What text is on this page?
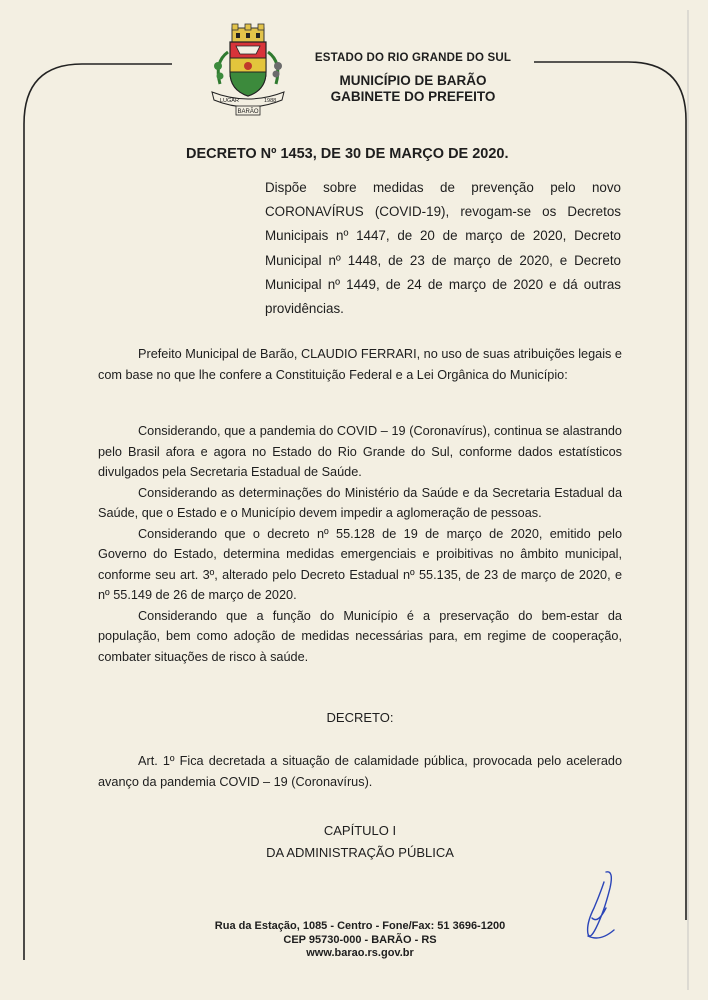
LUGAR	1988
BARÃO
ESTADO DO RIO GRANDE DO SUL
MUNICÍPIO DE BARÃO
GABINETE DO PREFEITO
DECRETO Nº 1453, DE 30 DE MARÇO DE 2020.

Dispõe sobre medidas de prevenção pelo novo CORONAVÍRUS (COVID-19), revogam-se os Decretos Municipais nº 1447, de 20 de março de 2020, Decreto Municipal nº 1448, de 23 de março de 2020, e Decreto Municipal nº 1449, de 24 de março de 2020 e dá outras providências.

Prefeito Municipal de Barão, CLAUDIO FERRARI, no uso de suas atribuições legais e com base no que lhe confere a Constituição Federal e a Lei Orgânica do Município:

Considerando, que a pandemia do COVID – 19 (Coronavírus), continua se alastrando pelo Brasil afora e agora no Estado do Rio Grande do Sul, conforme dados estatísticos divulgados pela Secretaria Estadual de Saúde.

Considerando as determinações do Ministério da Saúde e da Secretaria Estadual da Saúde, que o Estado e o Município devem impedir a aglomeração de pessoas.

Considerando que o decreto nº 55.128 de 19 de março de 2020, emitido pelo Governo do Estado, determina medidas emergenciais e proibitivas no âmbito municipal, conforme seu art. 3º, alterado pelo Decreto Estadual nº 55.135, de 23 de março de 2020, e nº 55.149 de 26 de março de 2020.

Considerando que a função do Município é a preservação do bem-estar da população, bem como adoção de medidas necessárias para, em regime de cooperação, combater situações de risco à saúde.

DECRETO:

Art. 1º Fica decretada a situação de calamidade pública, provocada pelo acelerado avanço da pandemia COVID – 19 (Coronavírus).

CAPÍTULO I
DA ADMINISTRAÇÃO PÚBLICA
Rua da Estação, 1085 - Centro - Fone/Fax: 51 3696-1200
CEP 95730-000 - BARÃO - RS
www.barao.rs.gov.br
